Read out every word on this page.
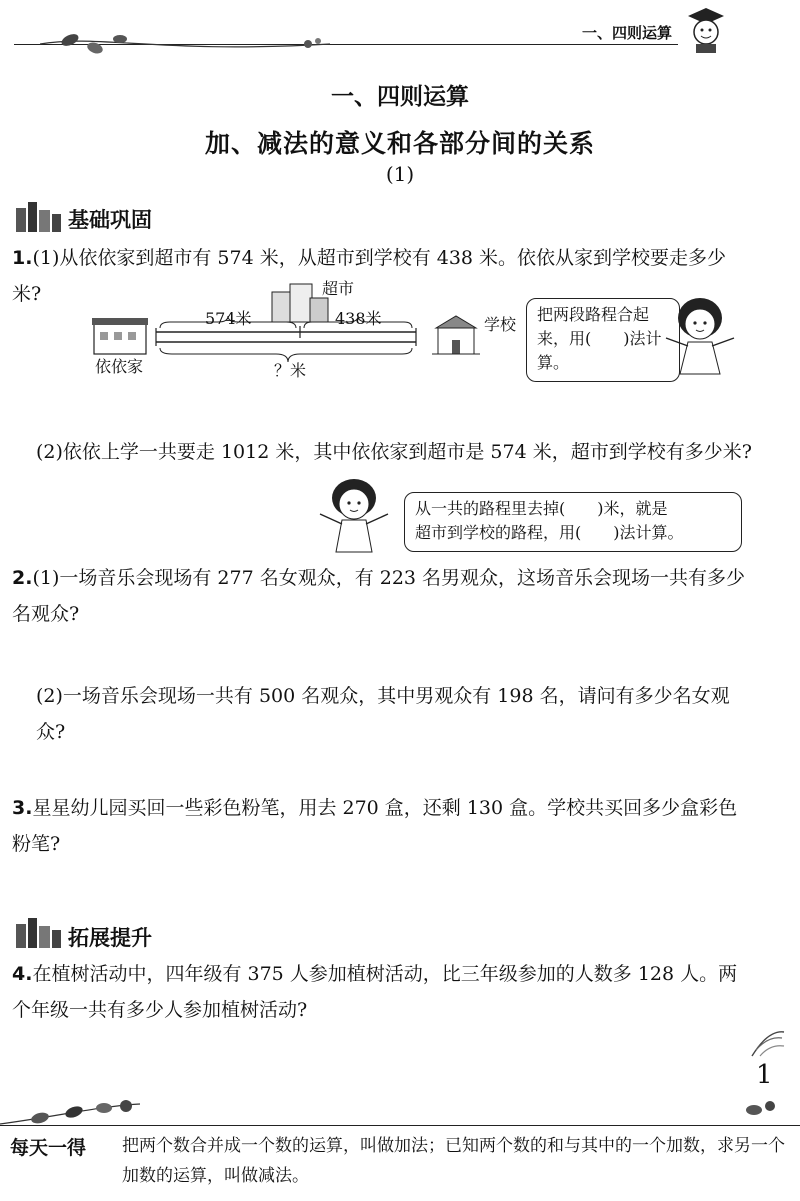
一、四则运算
一、四则运算
加、减法的意义和各部分间的关系
(1)
基础巩固
1.(1)从依依家到超市有 574 米，从超市到学校有 438 米。依依从家到学校要走多少米?
574米	438米
超市
依依家	？米
学校
把两段路程合起来，用(　　)法计算。
(2)依依上学一共要走 1012 米，其中依依家到超市是 574 米，超市到学校有多少米?
从一共的路程里去掉(　　)米，就是
超市到学校的路程，用(　　)法计算。
2.(1)一场音乐会现场有 277 名女观众，有 223 名男观众，这场音乐会现场一共有多少名观众?
(2)一场音乐会现场一共有 500 名观众，其中男观众有 198 名，请问有多少名女观众?
3.星星幼儿园买回一些彩色粉笔，用去 270 盒，还剩 130 盒。学校共买回多少盒彩色粉笔?
拓展提升
4.在植树活动中，四年级有 375 人参加植树活动，比三年级参加的人数多 128 人。两个年级一共有多少人参加植树活动?
1
每天一得 把两个数合并成一个数的运算，叫做加法；已知两个数的和与其中的一个加数，求另一个加数的运算，叫做减法。
